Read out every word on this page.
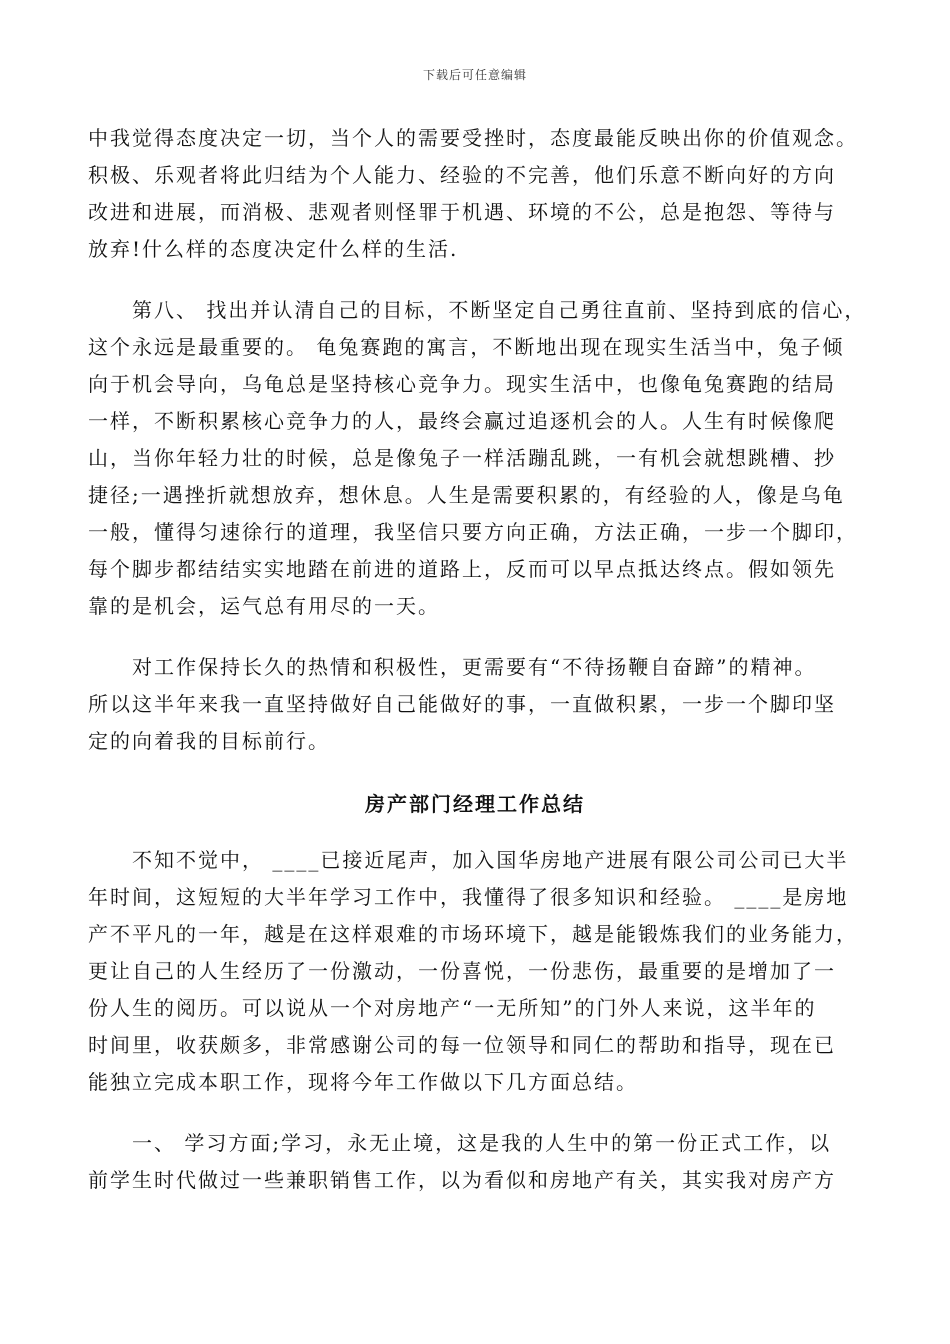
下载后可任意编辑
中我觉得态度决定一切，当个人的需要受挫时，态度最能反映出你的价值观念。
积极、乐观者将此归结为个人能力、经验的不完善，他们乐意不断向好的方向
改进和进展，而消极、悲观者则怪罪于机遇、环境的不公，总是抱怨、等待与
放弃!什么样的态度决定什么样的生活.
　　第八、 找出并认清自己的目标，不断坚定自己勇往直前、坚持到底的信心，
这个永远是最重要的。 龟兔赛跑的寓言，不断地出现在现实生活当中，兔子倾
向于机会导向，乌龟总是坚持核心竞争力。现实生活中，也像龟兔赛跑的结局
一样，不断积累核心竞争力的人，最终会赢过追逐机会的人。人生有时候像爬
山，当你年轻力壮的时候，总是像兔子一样活蹦乱跳，一有机会就想跳槽、抄
捷径;一遇挫折就想放弃，想休息。人生是需要积累的，有经验的人，像是乌龟
一般，懂得匀速徐行的道理，我坚信只要方向正确，方法正确，一步一个脚印，
每个脚步都结结实实地踏在前进的道路上，反而可以早点抵达终点。假如领先
靠的是机会，运气总有用尽的一天。
　　对工作保持长久的热情和积极性，更需要有“不待扬鞭自奋蹄”的精神。
所以这半年来我一直坚持做好自己能做好的事，一直做积累，一步一个脚印坚
定的向着我的目标前行。
房产部门经理工作总结
　　不知不觉中， ____已接近尾声，加入国华房地产进展有限公司公司已大半
年时间，这短短的大半年学习工作中，我懂得了很多知识和经验。 ____是房地
产不平凡的一年，越是在这样艰难的市场环境下，越是能锻炼我们的业务能力，
更让自己的人生经历了一份激动，一份喜悦，一份悲伤，最重要的是增加了一
份人生的阅历。可以说从一个对房地产“一无所知”的门外人来说，这半年的
时间里，收获颇多，非常感谢公司的每一位领导和同仁的帮助和指导，现在已
能独立完成本职工作，现将今年工作做以下几方面总结。
　　一、 学习方面;学习，永无止境，这是我的人生中的第一份正式工作，以
前学生时代做过一些兼职销售工作，以为看似和房地产有关，其实我对房产方
